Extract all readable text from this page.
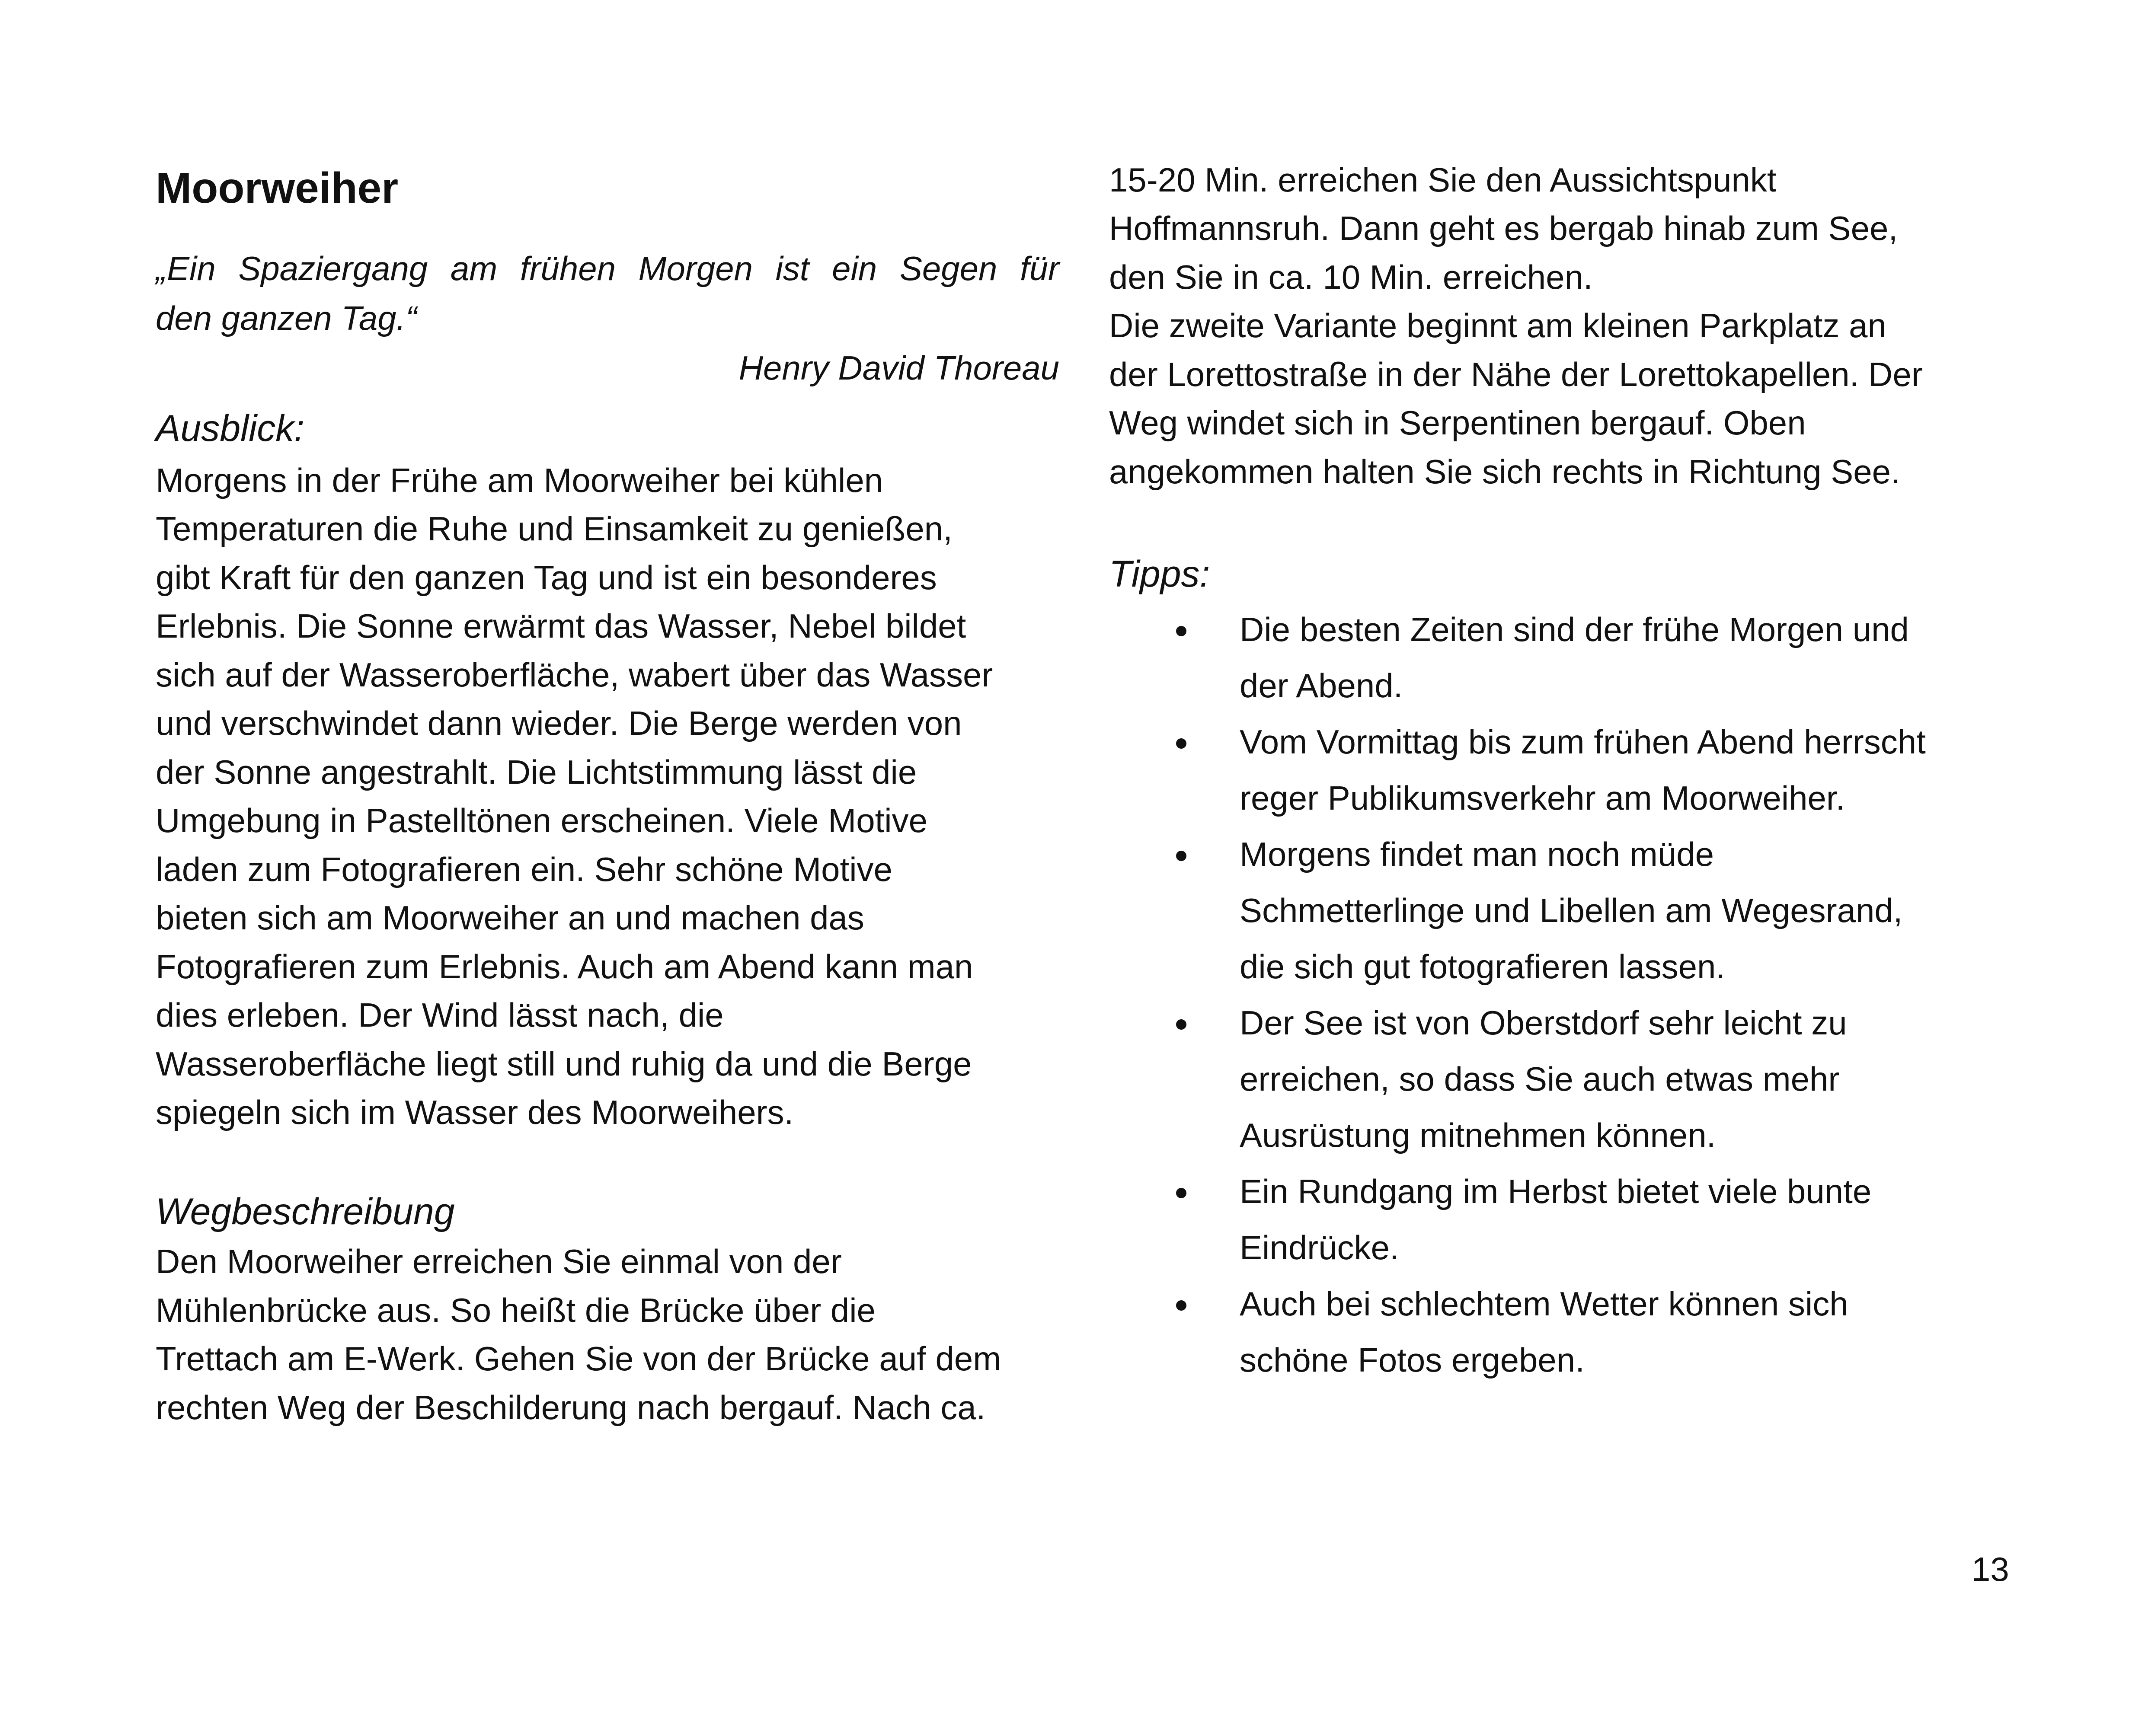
Moorweiher
„Ein Spaziergang am frühen Morgen ist ein Segen für
den ganzen Tag.“
Henry David Thoreau
Ausblick:
Morgens in der Frühe am Moorweiher bei kühlen
Temperaturen die Ruhe und Einsamkeit zu genießen,
gibt Kraft für den ganzen Tag und ist ein besonderes
Erlebnis. Die Sonne erwärmt das Wasser, Nebel bildet
sich auf der Wasseroberfläche, wabert über das Wasser
und verschwindet dann wieder. Die Berge werden von
der Sonne angestrahlt. Die Lichtstimmung lässt die
Umgebung in Pastelltönen erscheinen. Viele Motive
laden zum Fotografieren ein. Sehr schöne Motive
bieten sich am Moorweiher an und machen das
Fotografieren zum Erlebnis. Auch am Abend kann man
dies erleben. Der Wind lässt nach, die
Wasseroberfläche liegt still und ruhig da und die Berge
spiegeln sich im Wasser des Moorweihers.
Wegbeschreibung
Den Moorweiher erreichen Sie einmal von der
Mühlenbrücke aus. So heißt die Brücke über die
Trettach am E-Werk. Gehen Sie von der Brücke auf dem
rechten Weg der Beschilderung nach bergauf. Nach ca.
15-20 Min. erreichen Sie den Aussichtspunkt
Hoffmannsruh. Dann geht es bergab hinab zum See,
den Sie in ca. 10 Min. erreichen.
Die zweite Variante beginnt am kleinen Parkplatz an
der Lorettostraße in der Nähe der Lorettokapellen. Der
Weg windet sich in Serpentinen bergauf. Oben
angekommen halten Sie sich rechts in Richtung See.
Tipps:
Die besten Zeiten sind der frühe Morgen und
der Abend.
Vom Vormittag bis zum frühen Abend herrscht
reger Publikumsverkehr am Moorweiher.
Morgens findet man noch müde
Schmetterlinge und Libellen am Wegesrand,
die sich gut fotografieren lassen.
Der See ist von Oberstdorf sehr leicht zu
erreichen, so dass Sie auch etwas mehr
Ausrüstung mitnehmen können.
Ein Rundgang im Herbst bietet viele bunte
Eindrücke.
Auch bei schlechtem Wetter können sich
schöne Fotos ergeben.
13
